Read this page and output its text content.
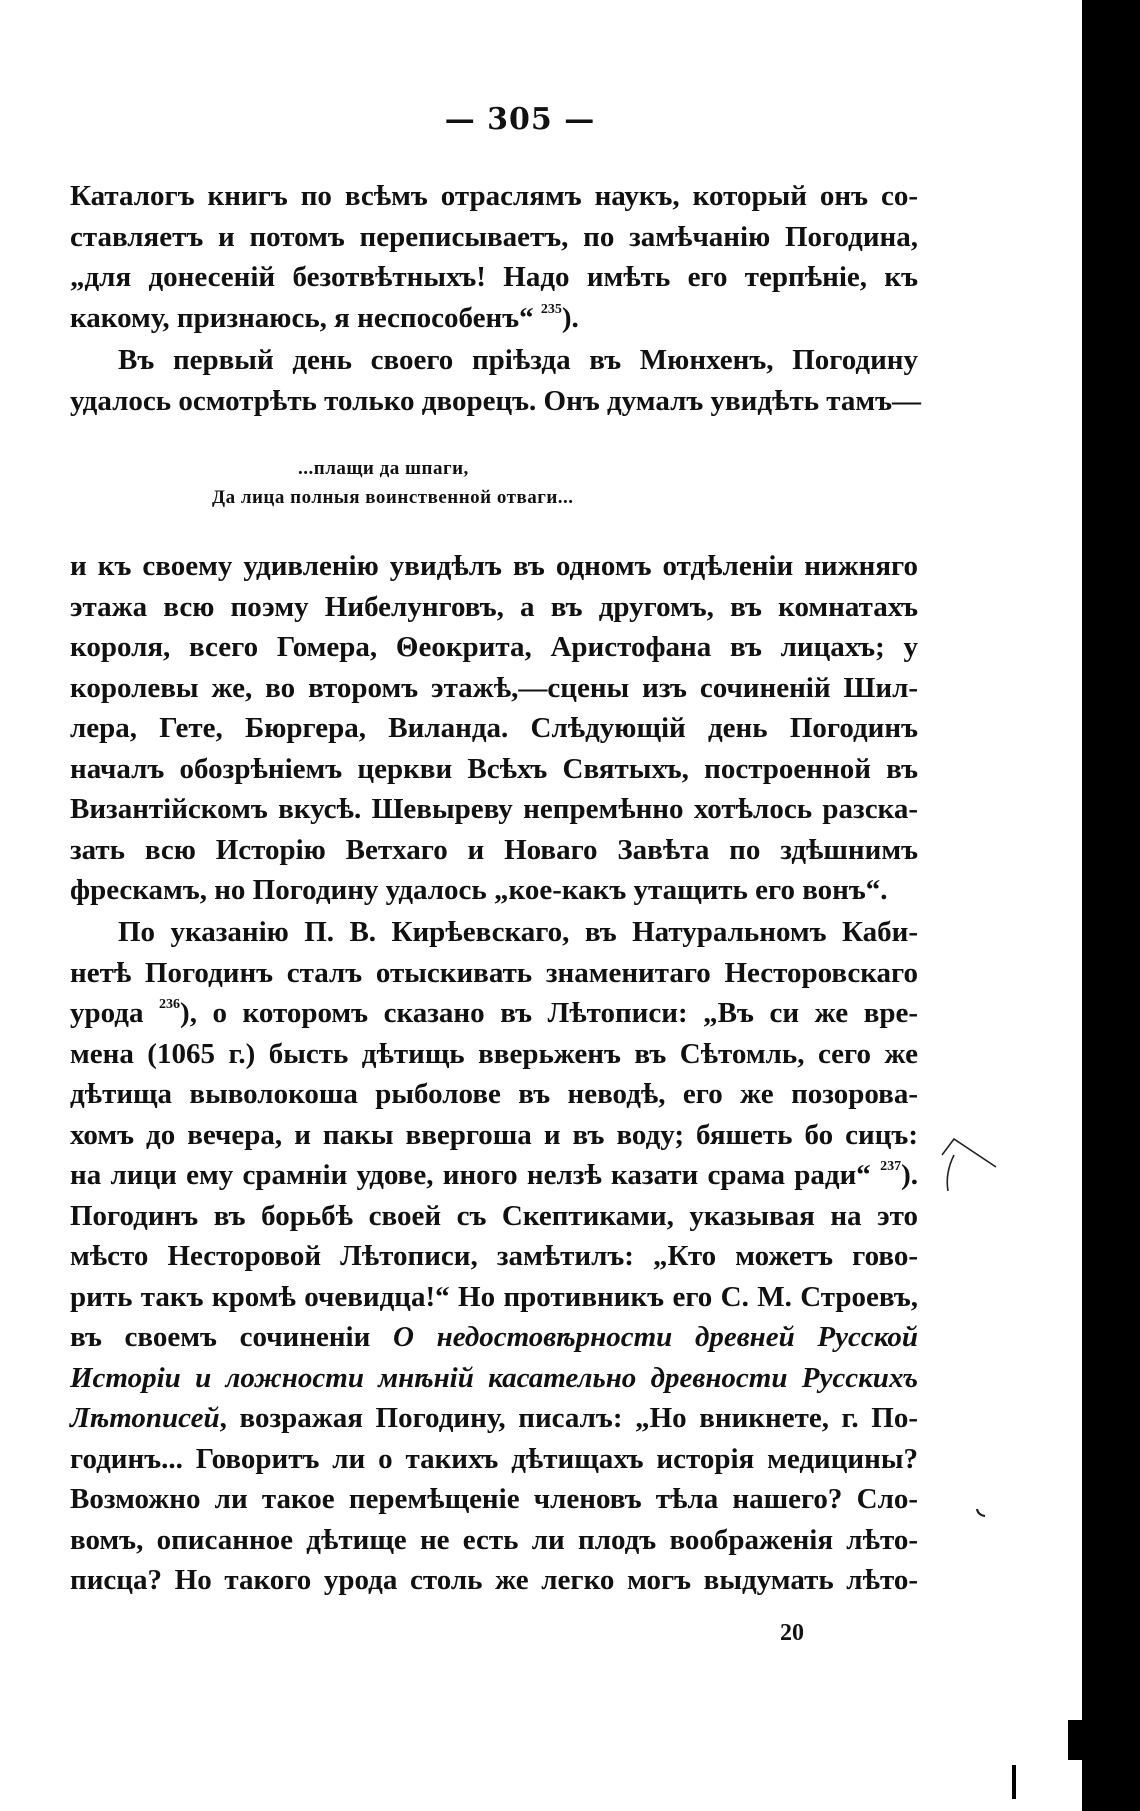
— 305 —
Каталогъ книгъ по всѣмъ отраслямъ наукъ, который онъ со-
ставляетъ и потомъ переписываетъ, по замѣчанію Погодина,
„для донесеній безотвѣтныхъ! Надо имѣть его терпѣніе, къ
какому, признаюсь, я неспособенъ“ $^{235}$).
Въ первый день своего пріѣзда въ Мюнхенъ, Погодину
удалось осмотрѣть только дворецъ. Онъ думалъ увидѣть тамъ—
...плащи да шпаги,
Да лица полныя воинственной отваги...
и къ своему удивленію увидѣлъ въ одномъ отдѣленіи нижняго
этажа всю поэму Нибелунговъ, а въ другомъ, въ комнатахъ
короля, всего Гомера, Θеокрита, Аристофана въ лицахъ; у
королевы же, во второмъ этажѣ,—сцены изъ сочиненій Шил-
лера, Гете, Бюргера, Виланда. Слѣдующій день Погодинъ
началъ обозрѣніемъ церкви Всѣхъ Святыхъ, построенной въ
Византійскомъ вкусѣ. Шевыреву непремѣнно хотѣлось разска-
зать всю Исторію Ветхаго и Новаго Завѣта по здѣшнимъ
фрескамъ, но Погодину удалось „кое-какъ утащить его вонъ“.
По указанію П. В. Кирѣевскаго, въ Натуральномъ Каби-
нетѣ Погодинъ сталъ отыскивать знаменитаго Несторовскаго
урода $^{236}$), о которомъ сказано въ Лѣтописи: „Въ си же вре-
мена (1065 г.) бысть дѣтищь вверьженъ въ Сѣтомль, сего же
дѣтища выволокоша рыболове въ неводѣ, его же позорова-
хомъ до вечера, и пакы ввергоша и въ воду; бяшеть бо сицъ:
на лици ему срамніи удове, иного нелзѣ казати срама ради“ $^{237}$).
Погодинъ въ борьбѣ своей съ Скептиками, указывая на это
мѣсто Несторовой Лѣтописи, замѣтилъ: „Кто можетъ гово-
рить такъ кромѣ очевидца!“ Но противникъ его С. М. Строевъ,
въ своемъ сочиненіи О недостовѣрности древней Русской
Исторіи и ложности мнѣній касательно древности Русскихъ
Лѣтописей, возражая Погодину, писалъ: „Но вникнете, г. По-
годинъ... Говоритъ ли о такихъ дѣтищахъ исторія медицины?
Возможно ли такое перемѣщеніе членовъ тѣла нашего? Сло-
вомъ, описанное дѣтище не есть ли плодъ воображенія лѣто-
писца? Но такого урода столь же легко могъ выдумать лѣто-
20
